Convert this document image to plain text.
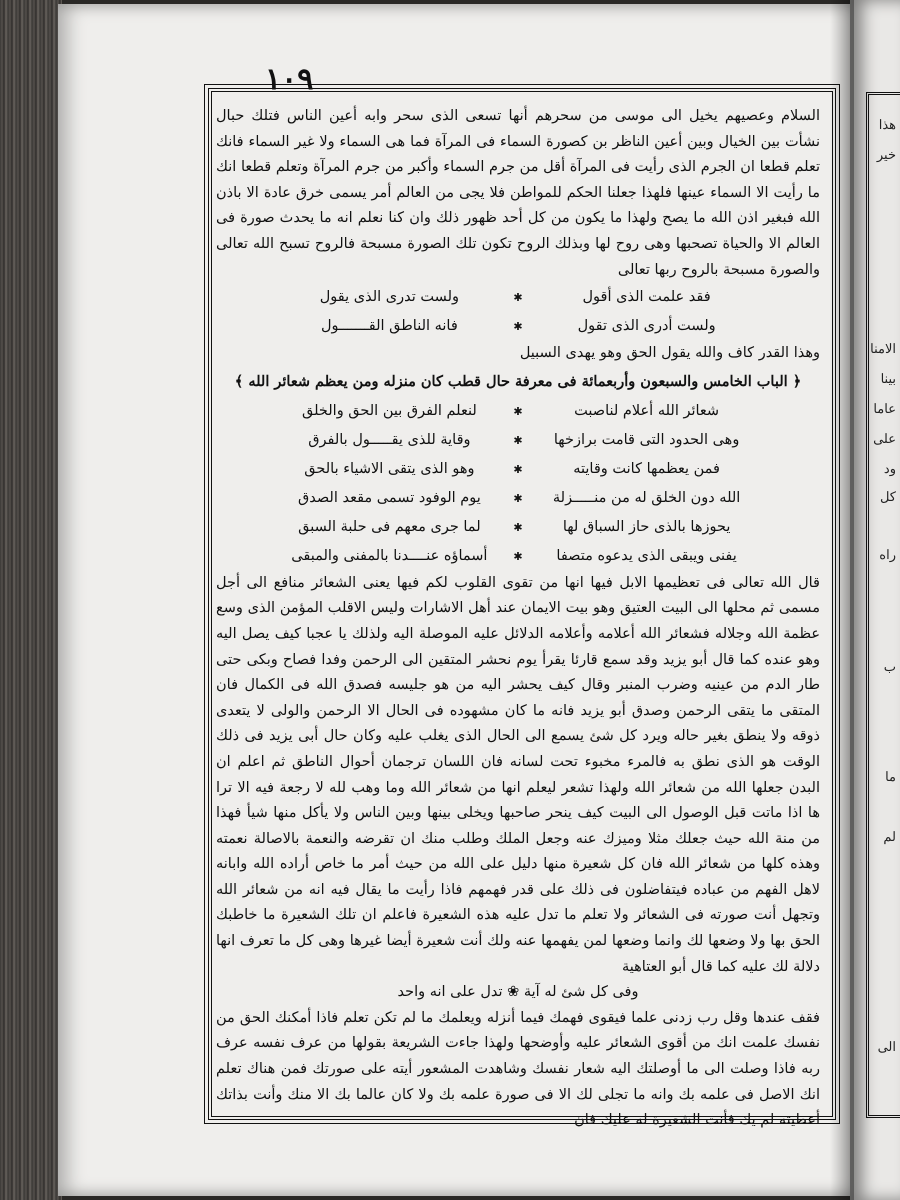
هذا
خير
الامنا
بينا
عاما
على
ود
كل
راه
ب
ما
لم
الى
١٠٩

السلام وعصيهم يخيل الى موسى من سحرهم أنها تسعى الذى سحر وابه أعين الناس فتلك حبال نشأت بين الخيال وبين أعين الناظر بن كصورة السماء فى المرآة فما هى السماء ولا غير السماء فانك تعلم قطعا ان الجرم الذى رأيت فى المرآة أقل من جرم السماء وأكبر من جرم المرآة وتعلم قطعا انك ما رأيت الا السماء عينها فلهذا جعلنا الحكم للمواطن فلا يجى من العالم أمر يسمى خرق عادة الا باذن الله فبغير اذن الله ما يصح ولهذا ما يكون من كل أحد ظهور ذلك وان كنا نعلم انه ما يحدث صورة فى العالم الا والحياة تصحبها وهى روح لها وبذلك الروح تكون تلك الصورة مسبحة فالروح تسبح الله تعالى والصورة مسبحة بالروح ربها تعالى

فقد علمت الذى أقول
✱
ولست تدرى الذى يقول
ولست أدرى الذى تقول
✱
فانه الناطق القـــــــول

وهذا القدر كاف والله يقول الحق وهو يهدى السبيل

﴿ الباب الخامس والسبعون وأربعمائة فى معرفة حال قطب كان منزله ومن يعظم شعائر الله ﴾
شعائر الله أعلام لناصبت
✱
لنعلم الفرق بين الحق والخلق
وهى الحدود التى قامت برازخها
✱
وقاية للذى يقـــــول بالفرق
فمن يعظمها كانت وقايته
✱
وهو الذى يتقى الاشياء بالحق
الله دون الخلق له من منـــــزلة
✱
يوم الوفود تسمى مقعد الصدق
يحوزها بالذى حاز السباق لها
✱
لما جرى معهم فى حلبة السبق
يفنى ويبقى الذى يدعوه متصفا
✱
أسماؤه عنــــدنا بالمفنى والمبقى

قال الله تعالى فى تعظيمها الابل فيها انها من تقوى القلوب لكم فيها يعنى الشعائر منافع الى أجل مسمى ثم محلها الى البيت العتيق وهو بيت الايمان عند أهل الاشارات وليس الاقلب المؤمن الذى وسع عظمة الله وجلاله فشعائر الله أعلامه وأعلامه الدلائل عليه الموصلة اليه ولذلك يا عجبا كيف يصل اليه وهو عنده كما قال أبو يزيد وقد سمع قارئا يقرأ يوم نحشر المتقين الى الرحمن وفدا فصاح وبكى حتى طار الدم من عينيه وضرب المنبر وقال كيف يحشر اليه من هو جليسه فصدق الله فى الكمال فان المتقى ما يتقى الرحمن وصدق أبو يزيد فانه ما كان مشهوده فى الحال الا الرحمن والولى لا يتعدى ذوقه ولا ينطق بغير حاله ويرد كل شئ يسمع الى الحال الذى يغلب عليه وكان حال أبى يزيد فى ذلك الوقت هو الذى نطق به فالمرء مخبوء تحت لسانه فان اللسان ترجمان أحوال الناطق ثم اعلم ان البدن جعلها الله من شعائر الله ولهذا تشعر ليعلم انها من شعائر الله وما وهب لله لا رجعة فيه الا ترا ها اذا ماتت قبل الوصول الى البيت كيف ينحر صاحبها ويخلى بينها وبين الناس ولا يأكل منها شيأ فهذا من منة الله حيث جعلك مثلا وميزك عنه وجعل الملك وطلب منك ان تقرضه والنعمة بالاصالة نعمته وهذه كلها من شعائر الله فان كل شعيرة منها دليل على الله من حيث أمر ما خاص أراده الله وابانه لاهل الفهم من عباده فيتفاضلون فى ذلك على قدر فهمهم فاذا رأيت ما يقال فيه انه من شعائر الله وتجهل أنت صورته فى الشعائر ولا تعلم ما تدل عليه هذه الشعيرة فاعلم ان تلك الشعيرة ما خاطبك الحق بها ولا وضعها لك وانما وضعها لمن يفهمها عنه ولك أنت شعيرة أيضا غيرها وهى كل ما تعرف انها دلالة لك عليه كما قال أبو العتاهية

وفى كل شئ له آية ❀ تدل على انه واحد

فقف عندها وقل رب زدنى علما فيقوى فهمك فيما أنزله ويعلمك ما لم تكن تعلم فاذا أمكنك الحق من نفسك علمت انك من أقوى الشعائر عليه وأوضحها ولهذا جاءت الشريعة بقولها من عرف نفسه عرف ربه فاذا وصلت الى ما أوصلتك اليه شعار نفسك وشاهدت المشعور أيته على صورتك فمن هناك تعلم انك الاصل فى علمه بك وانه ما تجلى لك الا فى صورة علمه بك ولا كان عالما بك الا منك وأنت بذاتك أعطيته لم يك فأنت الشعيرة له عليك فان
